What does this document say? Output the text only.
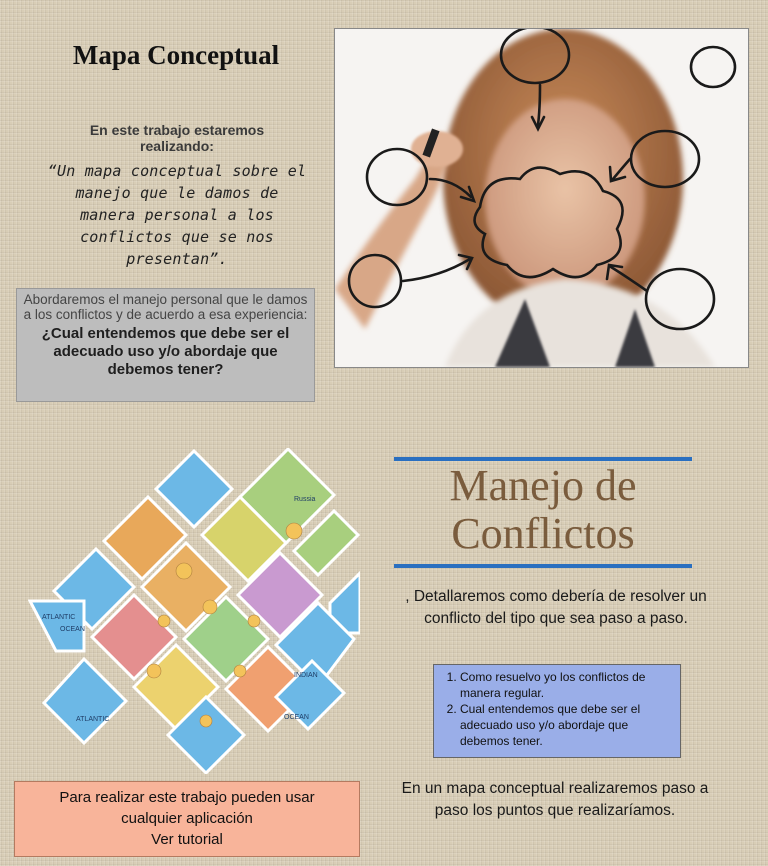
Mapa Conceptual
En este trabajo estaremos realizando:
“Un mapa conceptual sobre el manejo que le damos de manera personal a los conflictos que se nos presentan”.
Abordaremos el manejo personal que le damos a los conflictos y de acuerdo a esa experiencia:
¿Cual entendemos que debe ser el adecuado uso y/o abordaje que debemos tener?
ATLANTIC
OCEAN
INDIAN
OCEAN
ATLANTIC
Russia	Manejo de
Conflictos
, Detallaremos como debería de resolver un conflicto del tipo que sea paso a paso.
1. Como resuelvo yo los conflictos de manera regular.
2. Cual entendemos que debe ser el adecuado uso y/o abordaje que debemos tener.
En un mapa conceptual realizaremos paso a paso los puntos que realizaríamos.
Para realizar este trabajo pueden usar
cualquier aplicación
Ver tutorial
